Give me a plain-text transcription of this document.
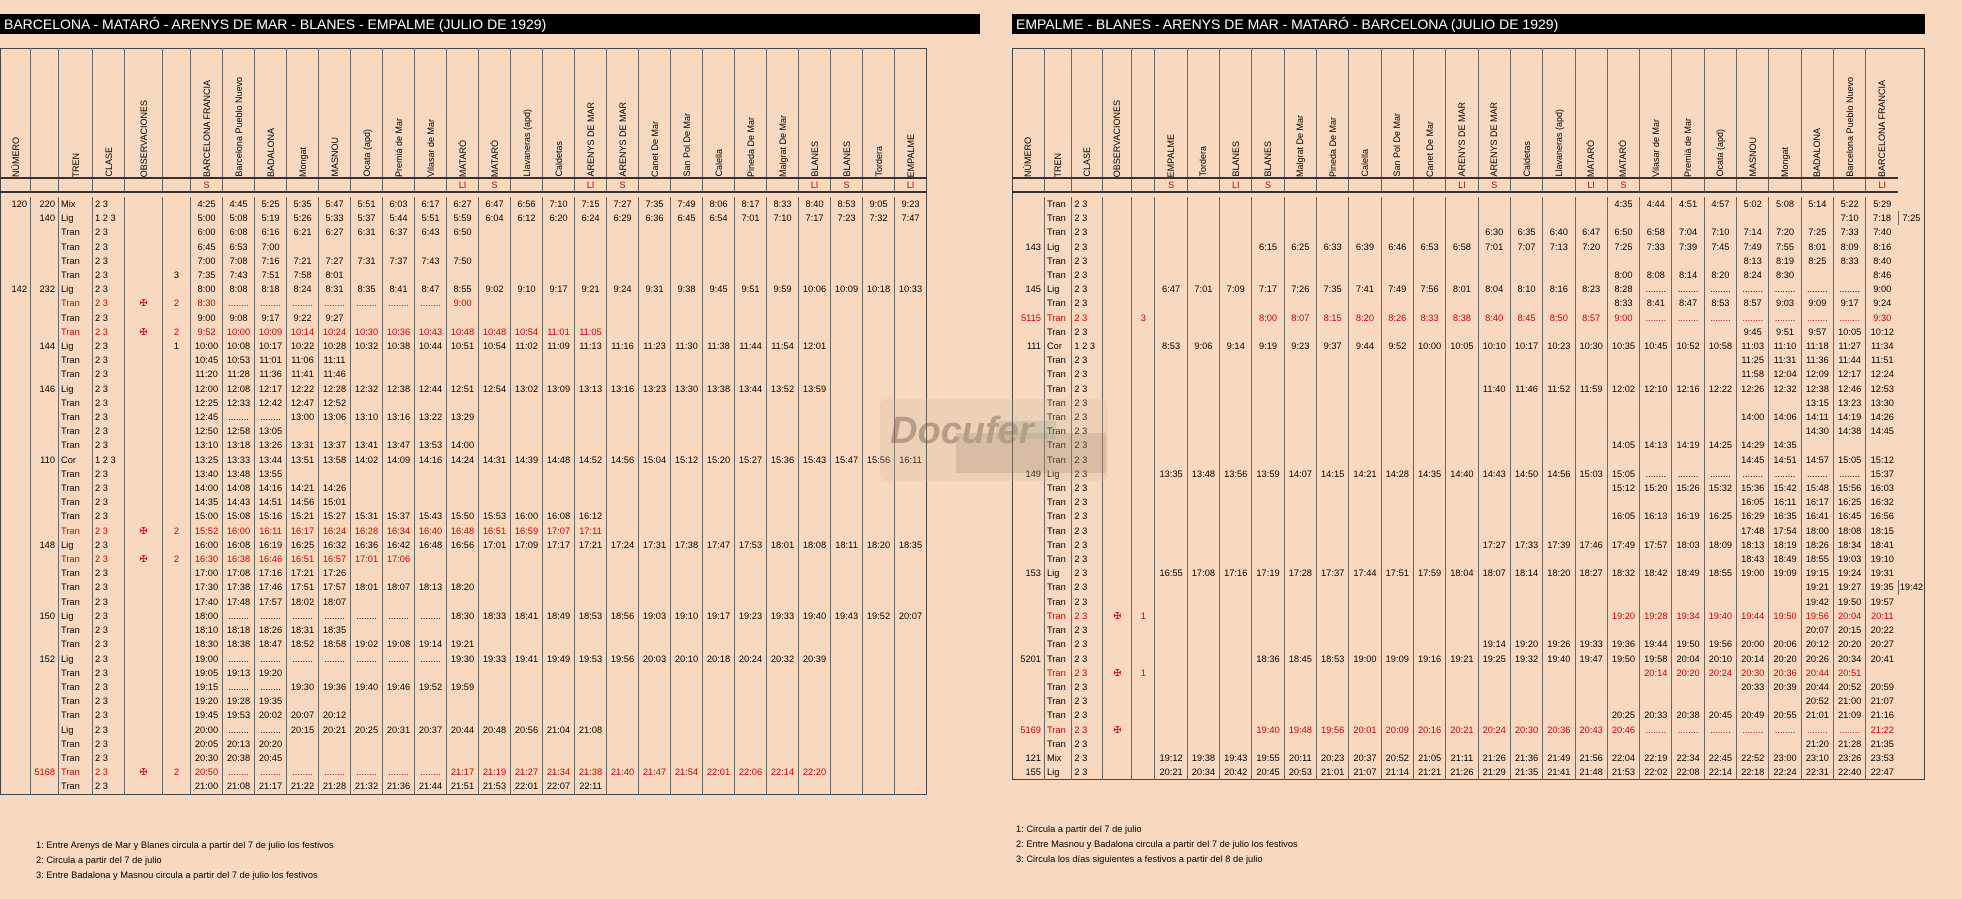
BARCELONA - MATARÓ - ARENYS DE MAR - BLANES - EMPALME (JULIO DE 1929)
NÚMERO		TREN	CLASE	OBSERVACIONES		BARCELONA FRANCIA	Barcelona Pueblo Nuevo	BADALONA	Mongat	MASNOU	Ocata (apd)	Premiá de Mar	Vilasar de Mar	MATARÓ	MATARÓ	Llavaneras (apd)	Caldetas	ARENYS DE MAR	ARENYS DE MAR	Canet De Mar	San Pol De Mar	Calella	Pineda De Mar	Malgrat De Mar	BLANES	BLANES	Tordera	EMPALME

						S								LI	S			LI	S						LI	S		LI

120	220	Mix	2 3			4:25	4:45	5:25	5:35	5:47	5:51	6:03	6:17	6:27	6:47	6:56	7:10	7:15	7:27	7:35	7:49	8:06	8:17	8:33	8:40	8:53	9:05	9:23
	140	Lig	1 2 3			5:00	5:08	5:19	5:26	5:33	5:37	5:44	5:51	5:59	6:04	6:12	6:20	6:24	6:29	6:36	6:45	6:54	7:01	7:10	7:17	7:23	7:32	7:47
		Tran	2 3			6:00	6:08	6:16	6:21	6:27	6:31	6:37	6:43	6:50														
		Tran	2 3			6:45	6:53	7:00																				
		Tran	2 3			7:00	7:08	7:16	7:21	7:27	7:31	7:37	7:43	7:50														
		Tran	2 3		3	7:35	7:43	7:51	7:58	8:01																		
142	232	Lig	2 3			8:00	8:08	8:18	8:24	8:31	8:35	8:41	8:47	8:55	9:02	9:10	9:17	9:21	9:24	9:31	9:38	9:45	9:51	9:59	10:06	10:09	10:18	10:33
		Tran	2 3	✠	2	8:30	........	........	........	........	........	........	........	9:00														
		Tran	2 3			9:00	9:08	9:17	9:22	9:27																		
		Tran	2 3	✠	2	9:52	10:00	10:09	10:14	10:24	10:30	10:36	10:43	10:48	10:48	10:54	11:01	11:05										
	144	Lig	2 3		1	10:00	10:08	10:17	10:22	10:28	10:32	10:38	10:44	10:51	10:54	11:02	11:09	11:13	11:16	11:23	11:30	11:38	11:44	11:54	12:01			
		Tran	2 3			10:45	10:53	11:01	11:06	11:11																		
		Tran	2 3			11:20	11:28	11:36	11:41	11:46																		
	146	Lig	2 3			12:00	12:08	12:17	12:22	12:28	12:32	12:38	12:44	12:51	12:54	13:02	13:09	13:13	13:16	13:23	13:30	13:38	13:44	13:52	13:59			
		Tran	2 3			12:25	12:33	12:42	12:47	12:52																		
		Tran	2 3			12:45	........	........	13:00	13:06	13:10	13:16	13:22	13:29														
		Tran	2 3			12:50	12:58	13:05																				
		Tran	2 3			13:10	13:18	13:26	13:31	13:37	13:41	13:47	13:53	14:00														
	110	Cor	1 2 3			13:25	13:33	13:44	13:51	13:58	14:02	14:09	14:16	14:24	14:31	14:39	14:48	14:52	14:56	15:04	15:12	15:20	15:27	15:36	15:43	15:47	15:56	16:11
		Tran	2 3			13:40	13:48	13:55																				
		Tran	2 3			14:00	14:08	14:16	14:21	14:26																		
		Tran	2 3			14:35	14:43	14:51	14:56	15:01																		
		Tran	2 3			15:00	15:08	15:16	15:21	15:27	15:31	15:37	15:43	15:50	15:53	16:00	16:08	16:12										
		Tran	2 3	✠	2	15:52	16:00	16:11	16:17	16:24	16:28	16:34	16:40	16:48	16:51	16:59	17:07	17:11										
	148	Lig	2 3			16:00	16:08	16:19	16:25	16:32	16:36	16:42	16:48	16:56	17:01	17:09	17:17	17:21	17:24	17:31	17:38	17:47	17:53	18:01	18:08	18:11	18:20	18:35
		Tran	2 3	✠	2	16:30	16:38	16:46	16:51	16:57	17:01	17:06																
		Tran	2 3			17:00	17:08	17:16	17:21	17:26																		
		Tran	2 3			17:30	17:38	17:46	17:51	17:57	18:01	18:07	18:13	18:20														
		Tran	2 3			17:40	17:48	17:57	18:02	18:07																		
	150	Lig	2 3			18:00	........	........	........	........	........	........	........	18:30	18:33	18:41	18:49	18:53	18:56	19:03	19:10	19:17	19:23	19:33	19:40	19:43	19:52	20:07
		Tran	2 3			18:10	18:18	18:26	18:31	18:35																		
		Tran	2 3			18:30	18:38	18:47	18:52	18:58	19:02	19:08	19:14	19:21														
	152	Lig	2 3			19:00	........	........	........	........	........	........	........	19:30	19:33	19:41	19:49	19:53	19:56	20:03	20:10	20:18	20:24	20:32	20:39			
		Tran	2 3			19:05	19:13	19:20																				
		Tran	2 3			19:15	........	........	19:30	19:36	19:40	19:46	19:52	19:59														
		Tran	2 3			19:20	19:28	19:35																				
		Tran	2 3			19:45	19:53	20:02	20:07	20:12																		
		Lig	2 3			20:00	........	........	20:15	20:21	20:25	20:31	20:37	20:44	20:48	20:56	21:04	21:08										
		Tran	2 3			20:05	20:13	20:20																				
		Tran	2 3			20:30	20:38	20:45																				
	5168	Tran	2 3	✠	2	20:50	........	........	........	........	........	........	........	21:17	21:19	21:27	21:34	21:38	21:40	21:47	21:54	22:01	22:06	22:14	22:20			
		Tran	2 3			21:00	21:08	21:17	21:22	21:28	21:32	21:36	21:44	21:51	21:53	22:01	22:07	22:11										
EMPALME - BLANES - ARENYS DE MAR - MATARÓ - BARCELONA (JULIO DE 1929)
NÚMERO	TREN	CLASE	OBSERVACIONES		EMPALME	Tordera	BLANES	BLANES	Malgrat De Mar	Pineda De Mar	Calella	San Pol De Mar	Canet De Mar	ARENYS DE MAR	ARENYS DE MAR	Caldetas	Llavaneras (apd)	MATARÓ	MATARÓ	Vilasar de Mar	Premiá de Mar	Ocata (apd)	MASNOU	Mongat	BADALONA	Barcelona Pueblo Nuevo	BARCELONA FRANCIA	

					S		LI	S						LI	S			LI	S								LI	

	Tran	2 3																	4:35	4:44	4:51	4:57	5:02	5:08	5:14	5:22	5:29	
	Tran	2 3																								7:10	7:18	7:25
	Tran	2 3													6:30	6:35	6:40	6:47	6:50	6:58	7:04	7:10	7:14	7:20	7:25	7:33	7:40	
143	Lig	2 3						6:15	6:25	6:33	6:39	6:46	6:53	6:58	7:01	7:07	7:13	7:20	7:25	7:33	7:39	7:45	7:49	7:55	8:01	8:09	8:16	
	Tran	2 3																					8:13	8:19	8:25	8:33	8:40	
	Tran	2 3																	8:00	8:08	8:14	8:20	8:24	8:30			8:46	
145	Lig	2 3			6:47	7:01	7:09	7:17	7:26	7:35	7:41	7:49	7:56	8:01	8:04	8:10	8:16	8:23	8:28	........	........	........	........	........	........	........	9:00	
	Tran	2 3																	8:33	8:41	8:47	8:53	8:57	9:03	9:09	9:17	9:24	
5115	Tran	2 3		3				8:00	8:07	8:15	8:20	8:26	8:33	8:38	8:40	8:45	8:50	8:57	9:00	........	........	........	........	........	........	........	9:30	
	Tran	2 3																					9:45	9:51	9:57	10:05	10:12	
111	Cor	1 2 3			8:53	9:06	9:14	9:19	9:23	9:37	9:44	9:52	10:00	10:05	10:10	10:17	10:23	10:30	10:35	10:45	10:52	10:58	11:03	11:10	11:18	11:27	11:34	
	Tran	2 3																					11:25	11:31	11:36	11:44	11:51	
	Tran	2 3																					11:58	12:04	12:09	12:17	12:24	
	Tran	2 3													11:40	11:46	11:52	11:59	12:02	12:10	12:16	12:22	12:26	12:32	12:38	12:46	12:53	
	Tran	2 3																							13:15	13:23	13:30	
	Tran	2 3																					14:00	14:06	14:11	14:19	14:26	
	Tran	2 3																							14:30	14:38	14:45	
	Tran	2 3																	14:05	14:13	14:19	14:25	14:29	14:35				
	Tran	2 3																					14:45	14:51	14:57	15:05	15:12	
149	Lig	2 3			13:35	13:48	13:56	13:59	14:07	14:15	14:21	14:28	14:35	14:40	14:43	14:50	14:56	15:03	15:05	........	........	........	........	........	........	........	15:37	
	Tran	2 3																	15:12	15:20	15:26	15:32	15:36	15:42	15:48	15:56	16:03	
	Tran	2 3																					16:05	16:11	16:17	16:25	16:32	
	Tran	2 3																	16:05	16:13	16:19	16:25	16:29	16:35	16:41	16:45	16:56	
	Tran	2 3																					17:48	17:54	18:00	18:08	18:15	
	Tran	2 3													17:27	17:33	17:39	17:46	17:49	17:57	18:03	18:09	18:13	18:19	18:26	18:34	18:41	
	Tran	2 3																					18:43	18:49	18:55	19:03	19:10	
153	Lig	2 3			16:55	17:08	17:16	17:19	17:28	17:37	17:44	17:51	17:59	18:04	18:07	18:14	18:20	18:27	18:32	18:42	18:49	18:55	19:00	19:09	19:15	19:24	19:31	
	Tran	2 3																							19:21	19:27	19:35	19:42
	Tran	2 3																							19:42	19:50	19:57	
	Tran	2 3	✠	1															19:20	19:28	19:34	19:40	19:44	19:50	19:56	20:04	20:11	
	Tran	2 3																							20:07	20:15	20:22	
	Tran	2 3													19:14	19:20	19:26	19:33	19:36	19:44	19:50	19:56	20:00	20:06	20:12	20:20	20:27	
5201	Tran	2 3						18:36	18:45	18:53	19:00	19:09	19:16	19:21	19:25	19:32	19:40	19:47	19:50	19:58	20:04	20:10	20:14	20:20	20:26	20:34	20:41	
	Tran	2 3	✠	1																20:14	20:20	20:24	20:30	20:36	20:44	20:51		
	Tran	2 3																					20:33	20:39	20:44	20:52	20:59	
	Tran	2 3																							20:52	21:00	21:07	
	Tran	2 3																	20:25	20:33	20:38	20:45	20:49	20:55	21:01	21:09	21:16	
5169	Tran	2 3	✠					19:40	19:48	19:56	20:01	20:09	20:16	20:21	20:24	20:30	20:36	20:43	20:46	........	........	........	........	........	........	........	21:22	
	Tran	2 3																							21:20	21:28	21:35	
121	Mix	2 3			19:12	19:38	19:43	19:55	20:11	20:23	20:37	20:52	21:05	21:11	21:26	21:36	21:49	21:56	22:04	22:19	22:34	22:45	22:52	23:00	23:10	23:26	23:53	
155	Lig	2 3			20:21	20:34	20:42	20:45	20:53	21:01	21:07	21:14	21:21	21:26	21:29	21:35	21:41	21:48	21:53	22:02	22:08	22:14	22:18	22:24	22:31	22:40	22:47	
1: Entre Arenys de Mar y Blanes circula a partir del 7 de julio los festivos
2: Circula a partir del 7 de julio
3: Entre Badalona y Masnou circula a partir del 7 de julio los festivos
1: Circula a partir del 7 de julio
2: Entre Masnou y Badalona circula a partir del 7 de julio los festivos
3: Circula los días siguientes a festivos a partir del 8 de julio
Docufer
